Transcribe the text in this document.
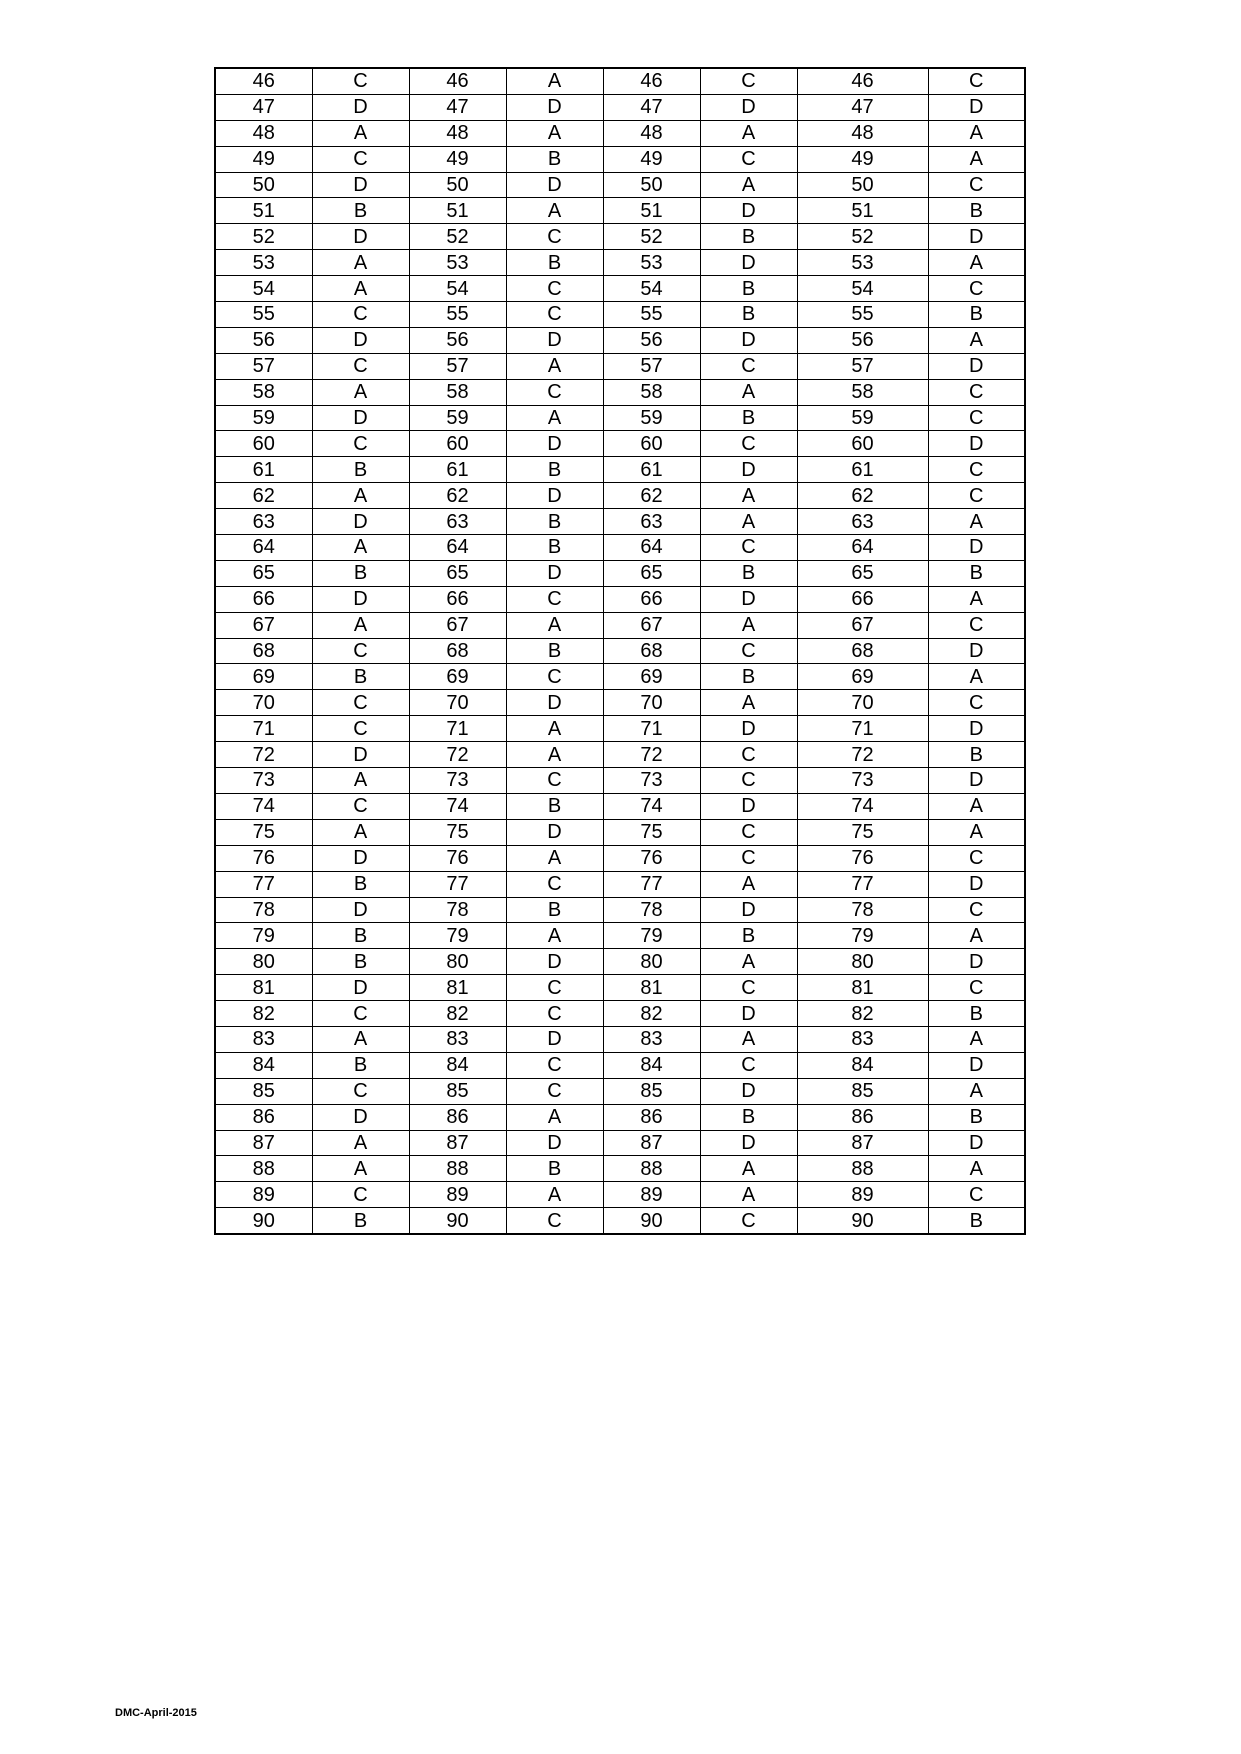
46	C	46	A	46	C	46	C
47	D	47	D	47	D	47	D
48	A	48	A	48	A	48	A
49	C	49	B	49	C	49	A
50	D	50	D	50	A	50	C
51	B	51	A	51	D	51	B
52	D	52	C	52	B	52	D
53	A	53	B	53	D	53	A
54	A	54	C	54	B	54	C
55	C	55	C	55	B	55	B
56	D	56	D	56	D	56	A
57	C	57	A	57	C	57	D
58	A	58	C	58	A	58	C
59	D	59	A	59	B	59	C
60	C	60	D	60	C	60	D
61	B	61	B	61	D	61	C
62	A	62	D	62	A	62	C
63	D	63	B	63	A	63	A
64	A	64	B	64	C	64	D
65	B	65	D	65	B	65	B
66	D	66	C	66	D	66	A
67	A	67	A	67	A	67	C
68	C	68	B	68	C	68	D
69	B	69	C	69	B	69	A
70	C	70	D	70	A	70	C
71	C	71	A	71	D	71	D
72	D	72	A	72	C	72	B
73	A	73	C	73	C	73	D
74	C	74	B	74	D	74	A
75	A	75	D	75	C	75	A
76	D	76	A	76	C	76	C
77	B	77	C	77	A	77	D
78	D	78	B	78	D	78	C
79	B	79	A	79	B	79	A
80	B	80	D	80	A	80	D
81	D	81	C	81	C	81	C
82	C	82	C	82	D	82	B
83	A	83	D	83	A	83	A
84	B	84	C	84	C	84	D
85	C	85	C	85	D	85	A
86	D	86	A	86	B	86	B
87	A	87	D	87	D	87	D
88	A	88	B	88	A	88	A
89	C	89	A	89	A	89	C
90	B	90	C	90	C	90	B
DMC-April-2015
